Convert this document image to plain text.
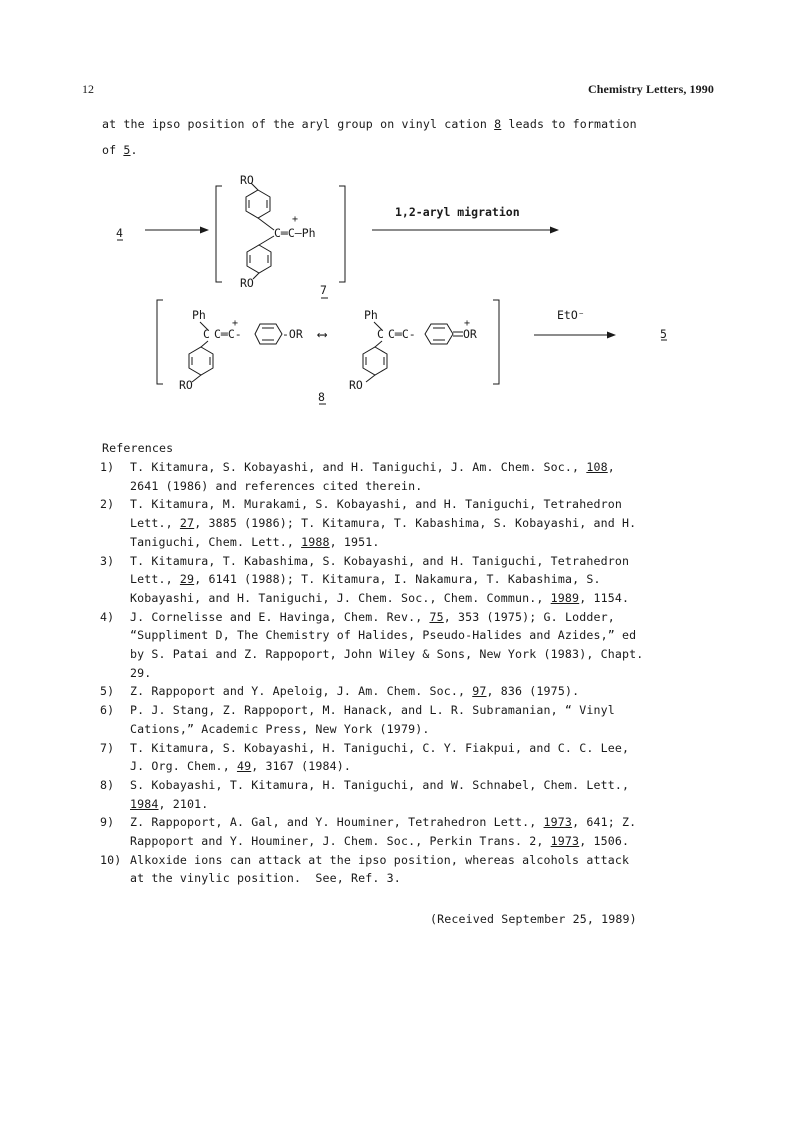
12	Chemistry Letters, 1990
at the ipso position of the aryl group on vinyl cation 8 leads to formation
of 5.
RO
+
C═C—Ph
RO
4
1,2-aryl migration
7
Ph
+
C C═C-	-OR
RO
⟷
Ph
C C═C-
+
OR
RO
EtO⁻
5
8
References
1) T. Kitamura, S. Kobayashi, and H. Taniguchi, J. Am. Chem. Soc., 108,
2641 (1986) and references cited therein.
2) T. Kitamura, M. Murakami, S. Kobayashi, and H. Taniguchi, Tetrahedron
Lett., 27, 3885 (1986); T. Kitamura, T. Kabashima, S. Kobayashi, and H.
Taniguchi, Chem. Lett., 1988, 1951.
3) T. Kitamura, T. Kabashima, S. Kobayashi, and H. Taniguchi, Tetrahedron
Lett., 29, 6141 (1988); T. Kitamura, I. Nakamura, T. Kabashima, S.
Kobayashi, and H. Taniguchi, J. Chem. Soc., Chem. Commun., 1989, 1154.
4) J. Cornelisse and E. Havinga, Chem. Rev., 75, 353 (1975); G. Lodder,
“Suppliment D, The Chemistry of Halides, Pseudo-Halides and Azides,” ed
by S. Patai and Z. Rappoport, John Wiley & Sons, New York (1983), Chapt.
29.
5) Z. Rappoport and Y. Apeloig, J. Am. Chem. Soc., 97, 836 (1975).
6) P. J. Stang, Z. Rappoport, M. Hanack, and L. R. Subramanian, “ Vinyl
Cations,” Academic Press, New York (1979).
7) T. Kitamura, S. Kobayashi, H. Taniguchi, C. Y. Fiakpui, and C. C. Lee,
J. Org. Chem., 49, 3167 (1984).
8) S. Kobayashi, T. Kitamura, H. Taniguchi, and W. Schnabel, Chem. Lett.,
1984, 2101.
9) Z. Rappoport, A. Gal, and Y. Houminer, Tetrahedron Lett., 1973, 641; Z.
Rappoport and Y. Houminer, J. Chem. Soc., Perkin Trans. 2, 1973, 1506.
10) Alkoxide ions can attack at the ipso position, whereas alcohols attack
at the vinylic position.  See, Ref. 3.
(Received September 25, 1989)
